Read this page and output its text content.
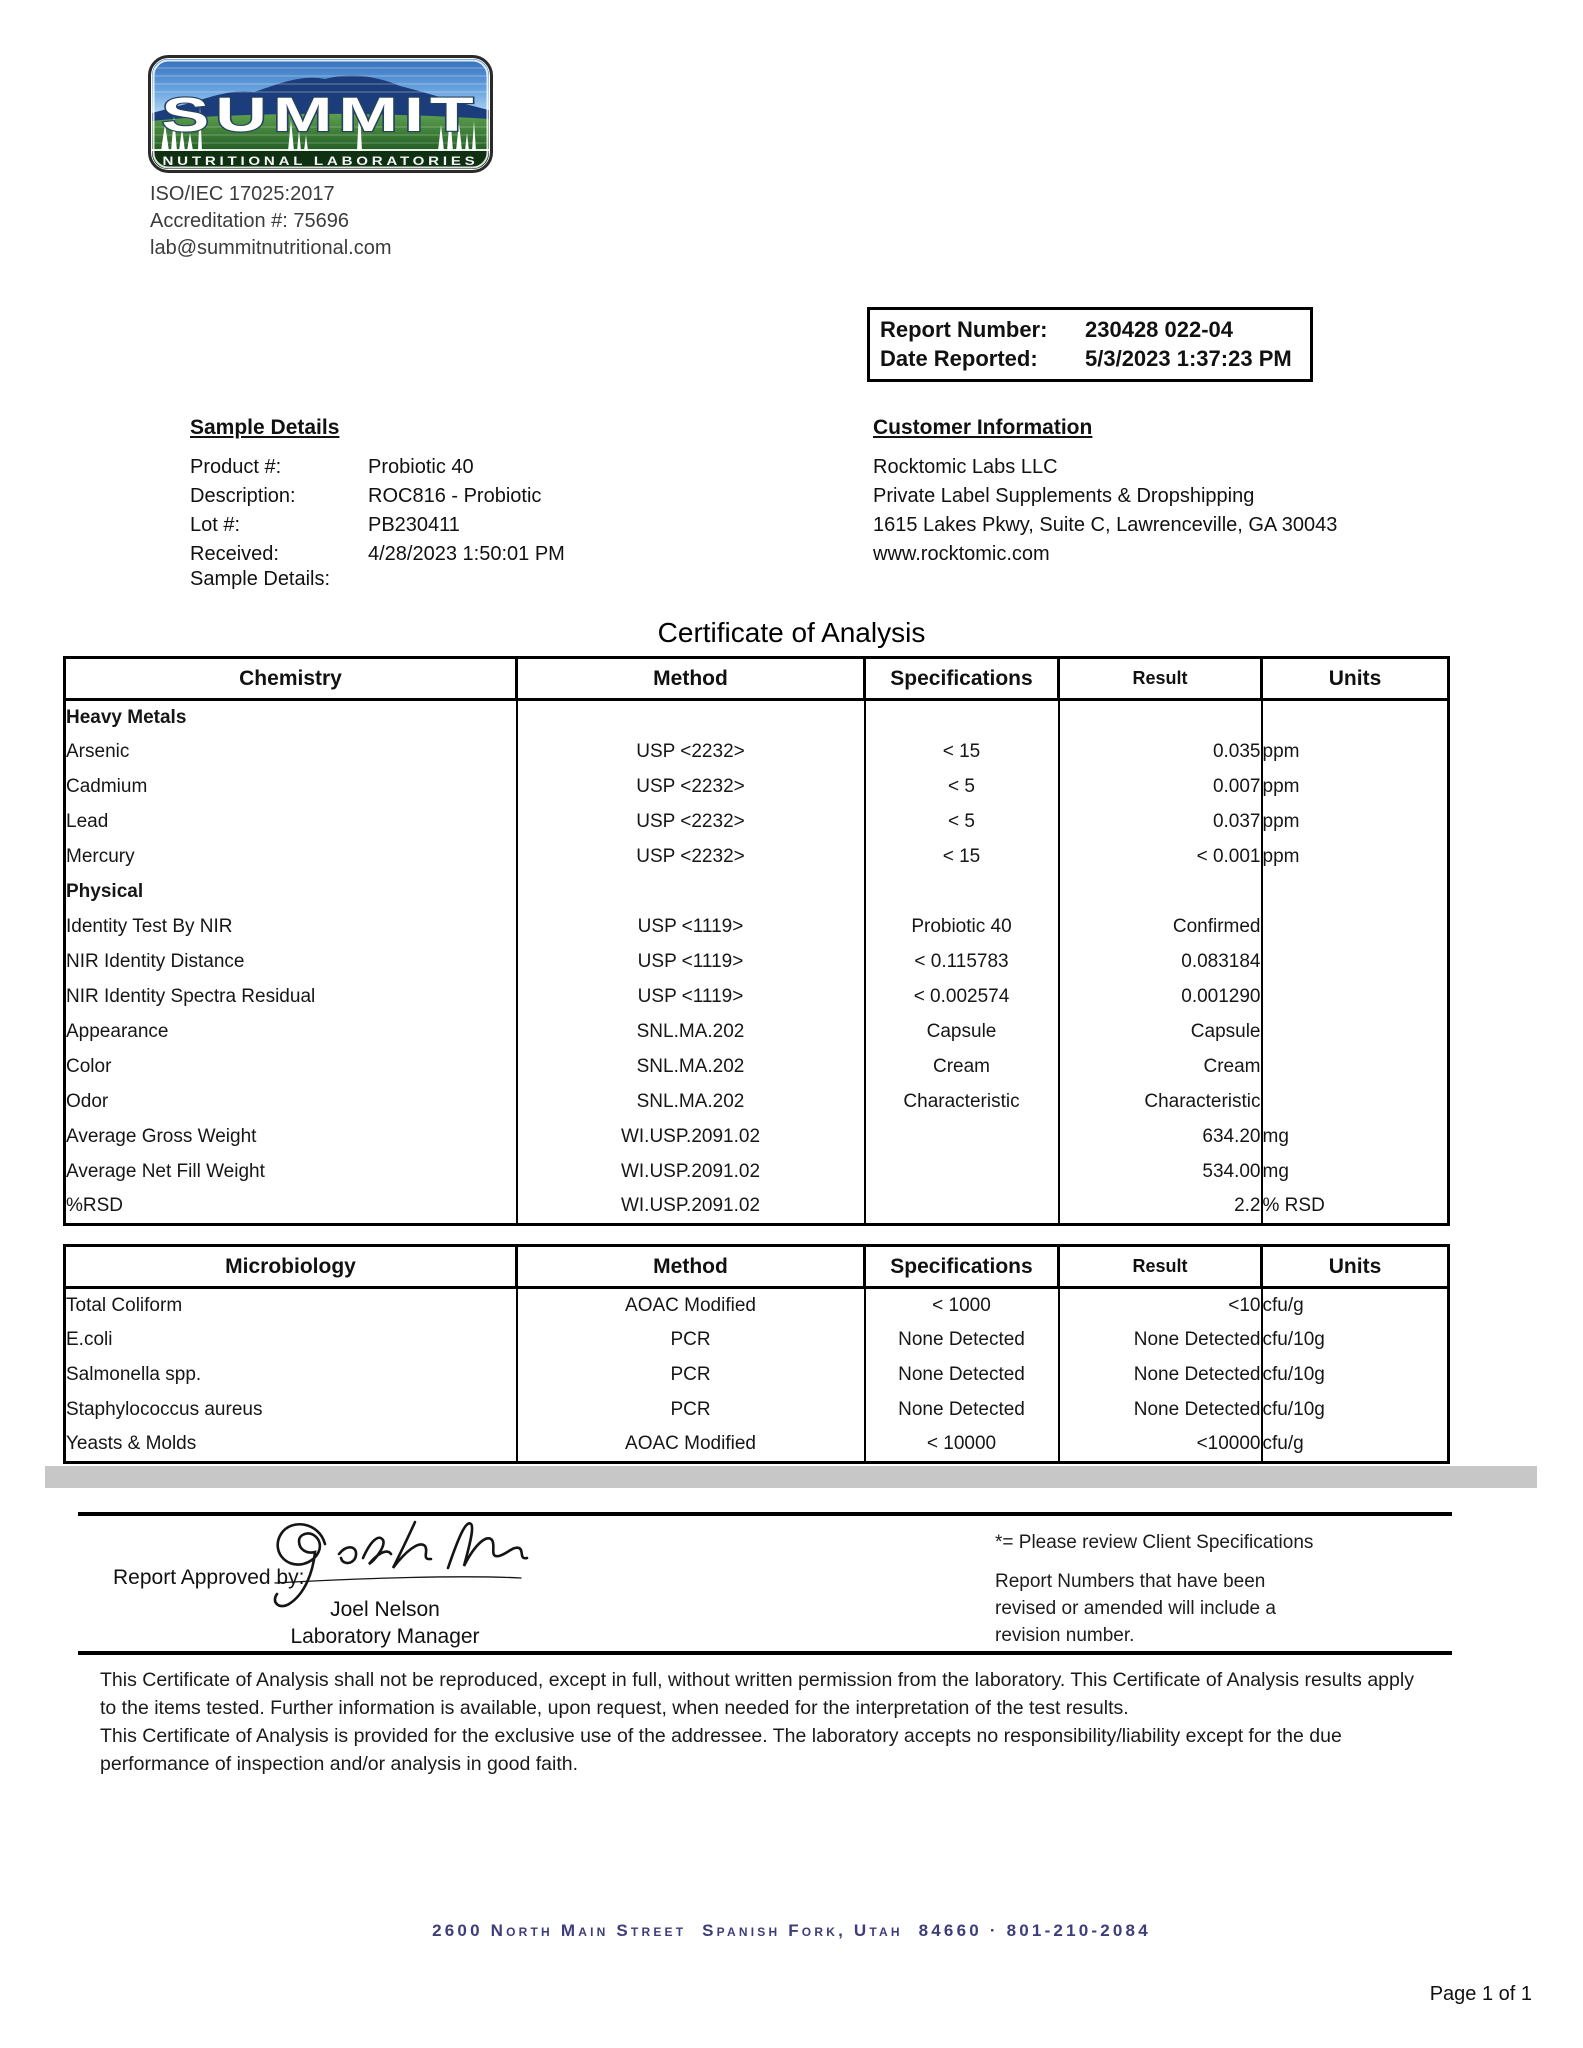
SUMMIT
NUTRITIONAL LABORATORIES
ISO/IEC 17025:2017
Accreditation #: 75696
lab@summitnutritional.com
Report Number:	230428 022-04
Date Reported:	5/3/2023 1:37:23 PM
Sample Details
Product #:	Probiotic 40
Description:	ROC816 - Probiotic
Lot #:	PB230411
Received:	4/28/2023 1:50:01 PM
Sample Details:
Customer Information
Rocktomic Labs LLC
Private Label Supplements & Dropshipping
1615 Lakes Pkwy, Suite C, Lawrenceville, GA 30043
www.rocktomic.com
Certificate of Analysis
Chemistry	Method	Specifications	Result	Units
Heavy Metals				
Arsenic	USP <2232>	< 15	0.035	ppm
Cadmium	USP <2232>	< 5	0.007	ppm
Lead	USP <2232>	< 5	0.037	ppm
Mercury	USP <2232>	< 15	< 0.001	ppm
Physical				
Identity Test By NIR	USP <1119>	Probiotic 40	Confirmed	
NIR Identity Distance	USP <1119>	< 0.115783	0.083184	
NIR Identity Spectra Residual	USP <1119>	< 0.002574	0.001290	
Appearance	SNL.MA.202	Capsule	Capsule	
Color	SNL.MA.202	Cream	Cream	
Odor	SNL.MA.202	Characteristic	Characteristic	
Average Gross Weight	WI.USP.2091.02		634.20	mg
Average Net Fill Weight	WI.USP.2091.02		534.00	mg
%RSD	WI.USP.2091.02		2.2	% RSD
Microbiology	Method	Specifications	Result	Units
Total Coliform	AOAC Modified	< 1000	<10	cfu/g
E.coli	PCR	None Detected	None Detected	cfu/10g
Salmonella spp.	PCR	None Detected	None Detected	cfu/10g
Staphylococcus aureus	PCR	None Detected	None Detected	cfu/10g
Yeasts & Molds	AOAC Modified	< 10000	<10000	cfu/g
Report Approved by:
Joel Nelson
Laboratory Manager
*= Please review Client Specifications
Report Numbers that have been revised or amended will include a revision number.
This Certificate of Analysis shall not be reproduced, except in full, without written permission from the laboratory. This Certificate of Analysis results apply
to the items tested. Further information is available, upon request, when needed for the interpretation of the test results.
This Certificate of Analysis is provided for the exclusive use of the addressee. The laboratory accepts no responsibility/liability except for the due
performance of inspection and/or analysis in good faith.
2600 North Main Street  Spanish Fork, Utah  84660 · 801-210-2084
Page 1 of 1
